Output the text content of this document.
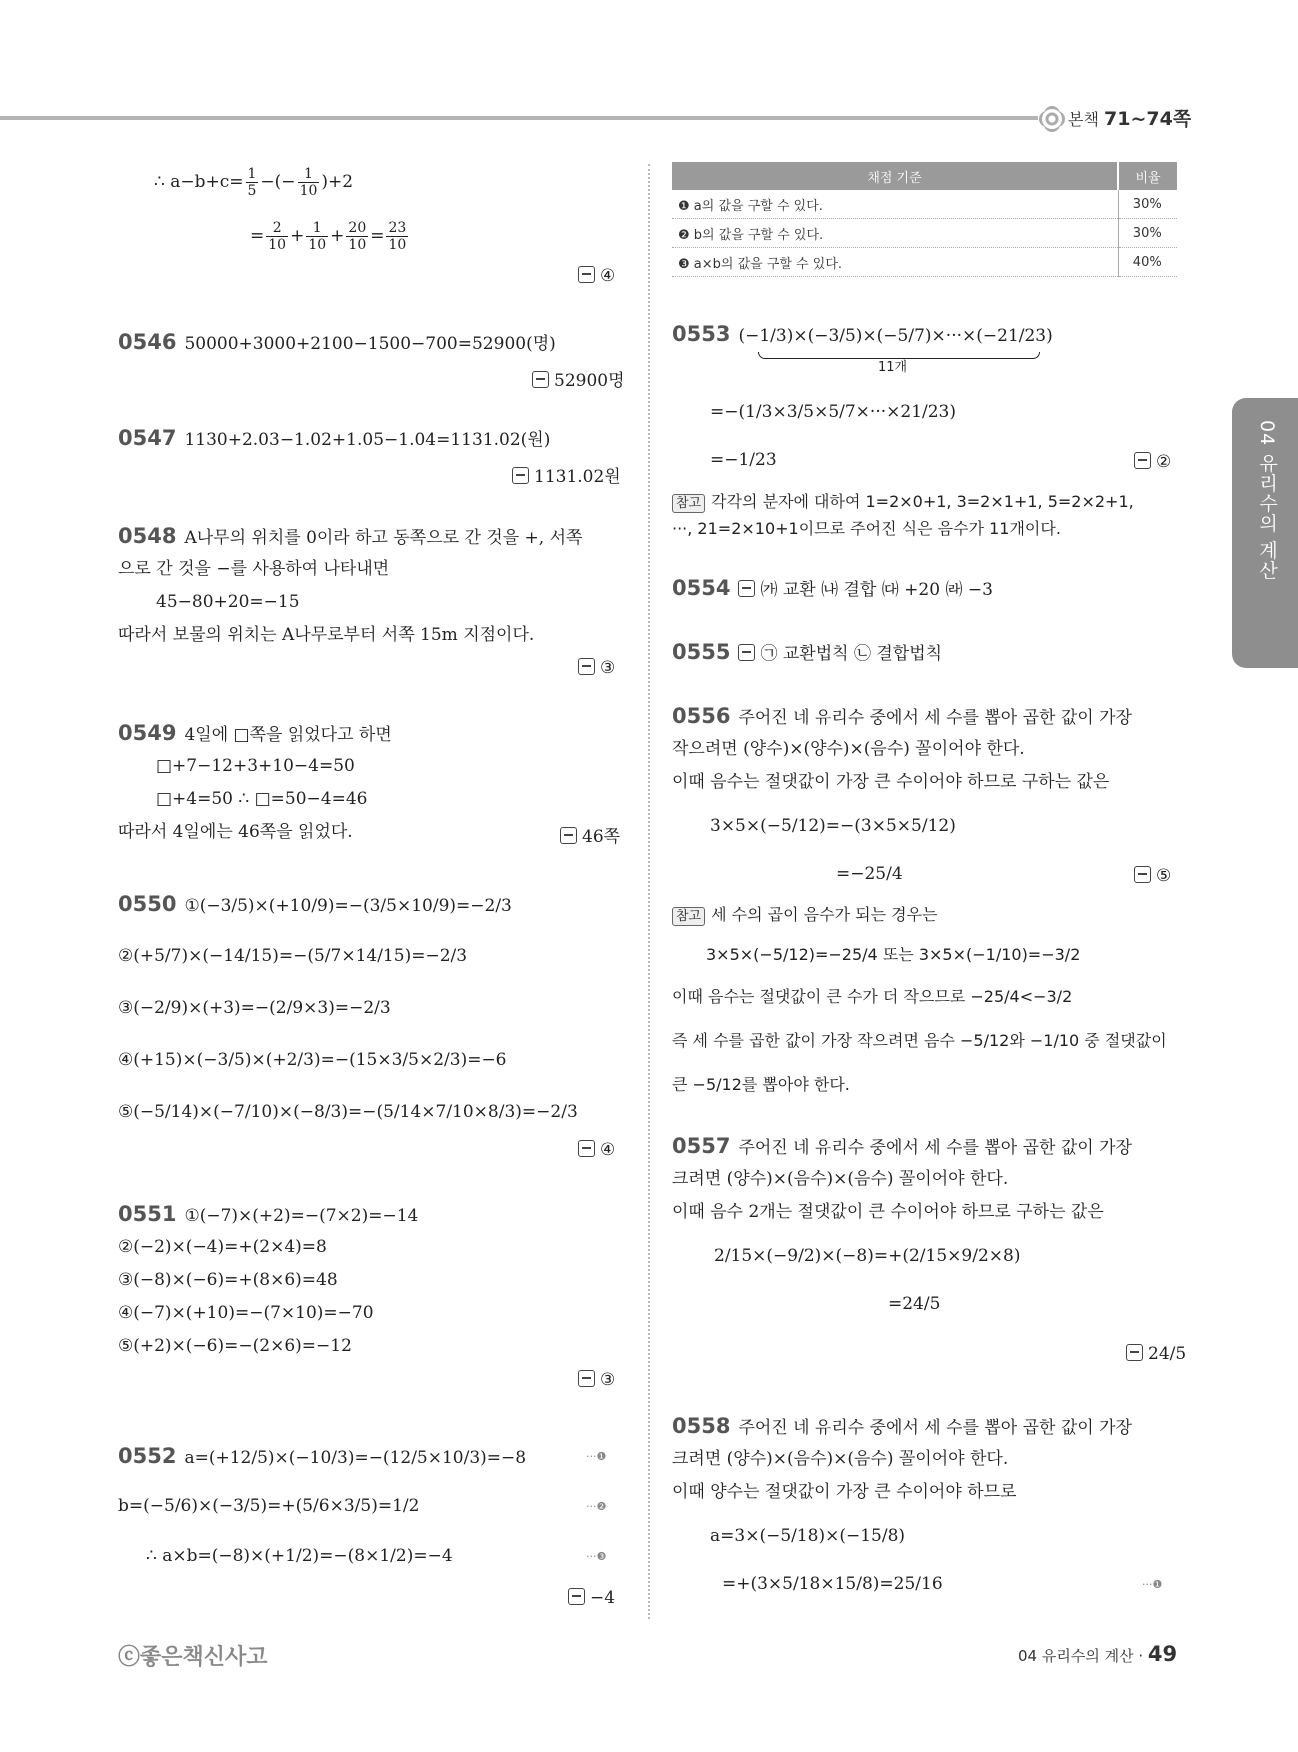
본책 71~74쪽
04 유리수의 계산
∴ $a-b+c= \frac{1}{5}$ −(− $\frac{1}{10} )+2$
= $\frac{2}{10} + \frac{1}{10} + \frac{20}{10} = \frac{23}{10}$
④
0546 50000+3000+2100−1500−700=52900(명)
52900명
0547 1130+2.03−1.02+1.05−1.04=1131.02(원)
1131.02원
0548 A나무의 위치를 0이라 하고 동쪽으로 간 것을 +, 서쪽
으로 간 것을 −를 사용하여 나타내면
45−80+20=−15
따라서 보물의 위치는 A나무로부터 서쪽 15m 지점이다.
③
0549 4일에 □쪽을 읽었다고 하면
□+7−12+3+10−4=50
□+4=50 ∴ □=50−4=46
따라서 4일에는 46쪽을 읽었다.	46쪽
0550 ①(−3/5)×(+10/9)=−(3/5×10/9)=−2/3
②(+5/7)×(−14/15)=−(5/7×14/15)=−2/3
③(−2/9)×(+3)=−(2/9×3)=−2/3
④(+15)×(−3/5)×(+2/3)=−(15×3/5×2/3)=−6
⑤(−5/14)×(−7/10)×(−8/3)=−(5/14×7/10×8/3)=−2/3
④
0551 ①(−7)×(+2)=−(7×2)=−14
②(−2)×(−4)=+(2×4)=8
③(−8)×(−6)=+(8×6)=48
④(−7)×(+10)=−(7×10)=−70
⑤(+2)×(−6)=−(2×6)=−12
③
0552 a=(+12/5)×(−10/3)=−(12/5×10/3)=−8	···❶
b=(−5/6)×(−3/5)=+(5/6×3/5)=1/2	···❷
∴ a×b=(−8)×(+1/2)=−(8×1/2)=−4	···❸
−4
채점 기준	비율
❶ a의 값을 구할 수 있다.	30%
❷ b의 값을 구할 수 있다.	30%
❸ a×b의 값을 구할 수 있다.	40%
0553 (−1/3)×(−3/5)×(−5/7)×···×(−21/23)
11개
=−(1/3×3/5×5/7×···×21/23)
=−1/23	②
참고 각각의 분자에 대하여 1=2×0+1, 3=2×1+1, 5=2×2+1,
···, 21=2×10+1이므로 주어진 식은 음수가 11개이다.
0554 ㈎ 교환 ㈏ 결합 ㈐ +20 ㈑ −3
0555 ㉠ 교환법칙 ㉡ 결합법칙
0556 주어진 네 유리수 중에서 세 수를 뽑아 곱한 값이 가장
작으려면 (양수)×(양수)×(음수) 꼴이어야 한다.
이때 음수는 절댓값이 가장 큰 수이어야 하므로 구하는 값은
3×5×(−5/12)=−(3×5×5/12)
=−25/4	⑤
참고 세 수의 곱이 음수가 되는 경우는
3×5×(−5/12)=−25/4 또는 3×5×(−1/10)=−3/2
이때 음수는 절댓값이 큰 수가 더 작으므로 −25/4<−3/2
즉 세 수를 곱한 값이 가장 작으려면 음수 −5/12와 −1/10 중 절댓값이
큰 −5/12를 뽑아야 한다.
0557 주어진 네 유리수 중에서 세 수를 뽑아 곱한 값이 가장
크려면 (양수)×(음수)×(음수) 꼴이어야 한다.
이때 음수 2개는 절댓값이 큰 수이어야 하므로 구하는 값은
2/15×(−9/2)×(−8)=+(2/15×9/2×8)
=24/5
24/5
0558 주어진 네 유리수 중에서 세 수를 뽑아 곱한 값이 가장
크려면 (양수)×(음수)×(음수) 꼴이어야 한다.
이때 양수는 절댓값이 가장 큰 수이어야 하므로
a=3×(−5/18)×(−15/8)
=+(3×5/18×15/8)=25/16	···❶
ⓒ좋은책신사고	04 유리수의 계산 · 49
